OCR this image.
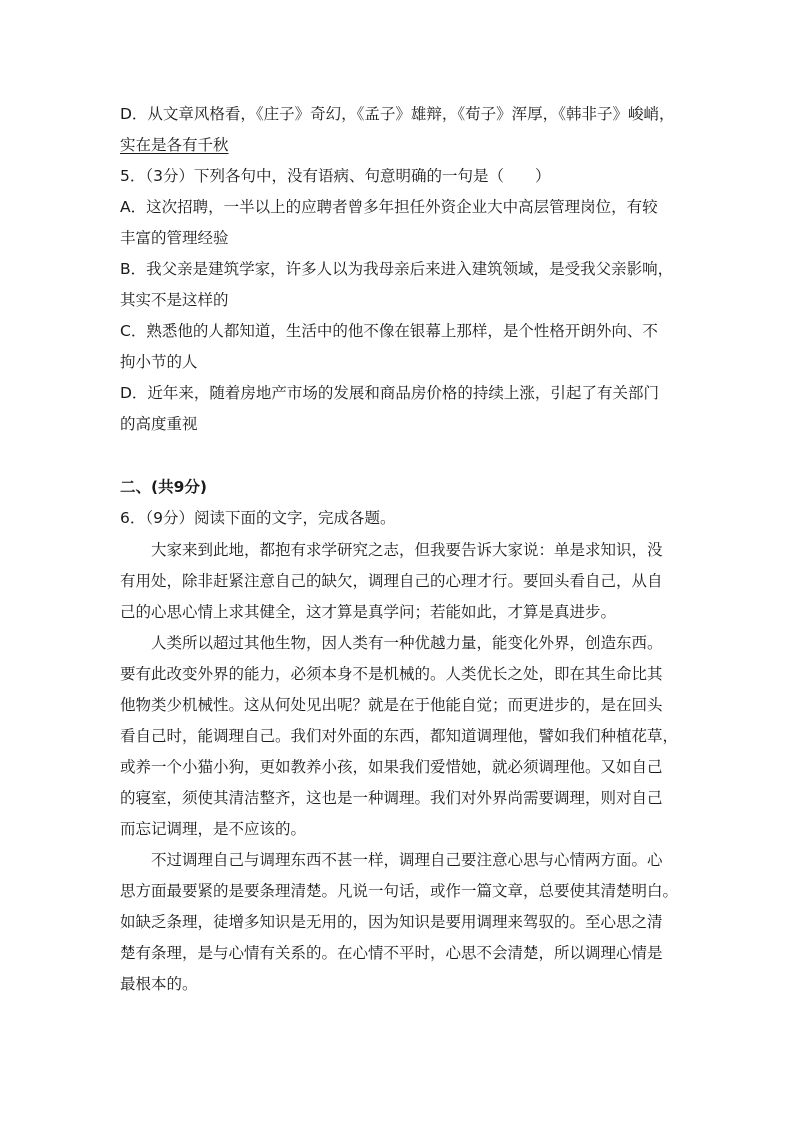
D．从文章风格看，《庄子》奇幻，《孟子》雄辩，《荀子》浑厚，《韩非子》峻峭，

实在是各有千秋

5．（3分）下列各句中，没有语病、句意明确的一句是（　　）

A．这次招聘，一半以上的应聘者曾多年担任外资企业大中高层管理岗位，有较

丰富的管理经验

B．我父亲是建筑学家，许多人以为我母亲后来进入建筑领域，是受我父亲影响，

其实不是这样的

C．熟悉他的人都知道，生活中的他不像在银幕上那样，是个性格开朗外向、不

拘小节的人

D．近年来，随着房地产市场的发展和商品房价格的持续上涨，引起了有关部门

的高度重视

二、(共9分)

6．（9分）阅读下面的文字，完成各题。

大家来到此地，都抱有求学研究之志，但我要告诉大家说：单是求知识，没

有用处，除非赶紧注意自己的缺欠，调理自己的心理才行。要回头看自己，从自

己的心思心情上求其健全，这才算是真学问；若能如此，才算是真进步。

人类所以超过其他生物，因人类有一种优越力量，能变化外界，创造东西。

要有此改变外界的能力，必须本身不是机械的。人类优长之处，即在其生命比其

他物类少机械性。这从何处见出呢？就是在于他能自觉；而更进步的，是在回头

看自己时，能调理自己。我们对外面的东西，都知道调理他，譬如我们种植花草，

或养一个小猫小狗，更如教养小孩，如果我们爱惜她，就必须调理他。又如自己

的寝室，须使其清洁整齐，这也是一种调理。我们对外界尚需要调理，则对自己

而忘记调理，是不应该的。

不过调理自己与调理东西不甚一样，调理自己要注意心思与心情两方面。心

思方面最要紧的是要条理清楚。凡说一句话，或作一篇文章，总要使其清楚明白。

如缺乏条理，徒增多知识是无用的，因为知识是要用调理来驾驭的。至心思之清

楚有条理，是与心情有关系的。在心情不平时，心思不会清楚，所以调理心情是

最根本的。
